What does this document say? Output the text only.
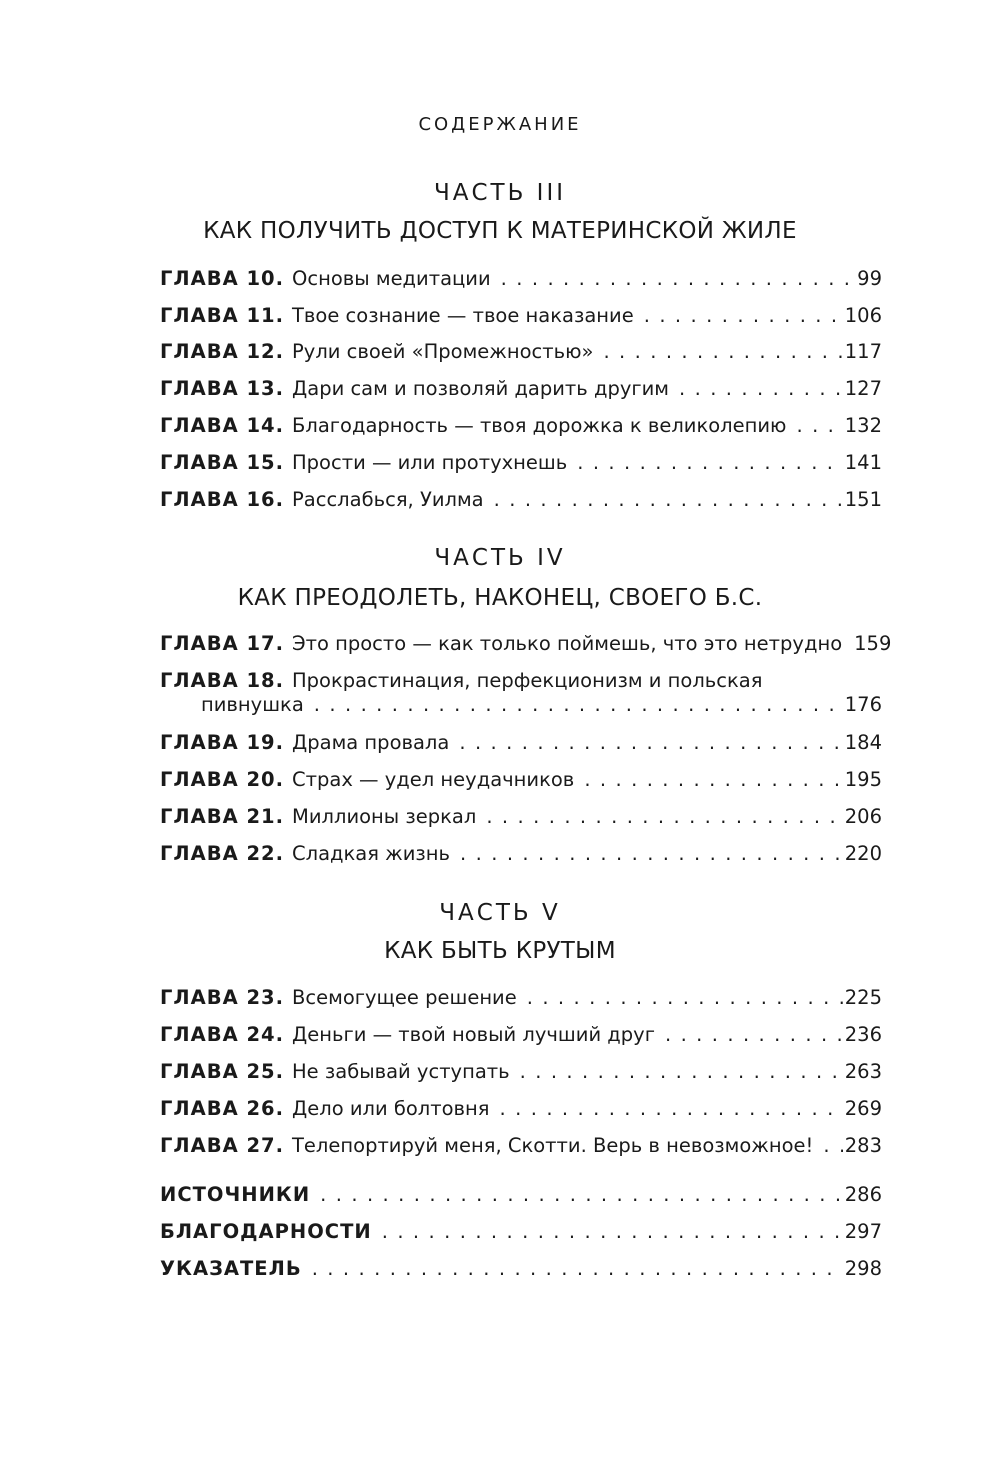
СОДЕРЖАНИЕ
ЧАСТЬ III
КАК ПОЛУЧИТЬ ДОСТУП К МАТЕРИНСКОЙ ЖИЛЕ
ГЛАВА 10. Основы медитации . . .	99
ГЛАВА 11. Твое сознание — твое наказание . . .	106
ГЛАВА 12. Рули своей «Промежностью» . . .	117
ГЛАВА 13. Дари сам и позволяй дарить другим . . .	127
ГЛАВА 14. Благодарность — твоя дорожка к великолепию . . .	132
ГЛАВА 15. Прости — или протухнешь . . .	141
ГЛАВА 16. Расслабься, Уилма . . .	151
ЧАСТЬ IV
КАК ПРЕОДОЛЕТЬ, НАКОНЕЦ, СВОЕГО Б.С.
ГЛАВА 17. Это просто — как только поймешь, что это нетрудно 159
ГЛАВА 18. Прокрастинация, перфекционизм и польская
пивнушка . . .	176
ГЛАВА 19. Драма провала . . .	184
ГЛАВА 20. Страх — удел неудачников . . .	195
ГЛАВА 21. Миллионы зеркал . . .	206
ГЛАВА 22. Сладкая жизнь . . .	220
ЧАСТЬ V
КАК БЫТЬ КРУТЫМ
ГЛАВА 23. Всемогущее решение . . .	225
ГЛАВА 24. Деньги — твой новый лучший друг . . .	236
ГЛАВА 25. Не забывай уступать . . .	263
ГЛАВА 26. Дело или болтовня . . .	269
ГЛАВА 27. Телепортируй меня, Скотти. Верь в невозможное! . . . 283
ИСТОЧНИКИ . . .	286
БЛАГОДАРНОСТИ . . .	297
УКАЗАТЕЛЬ . . .	298
